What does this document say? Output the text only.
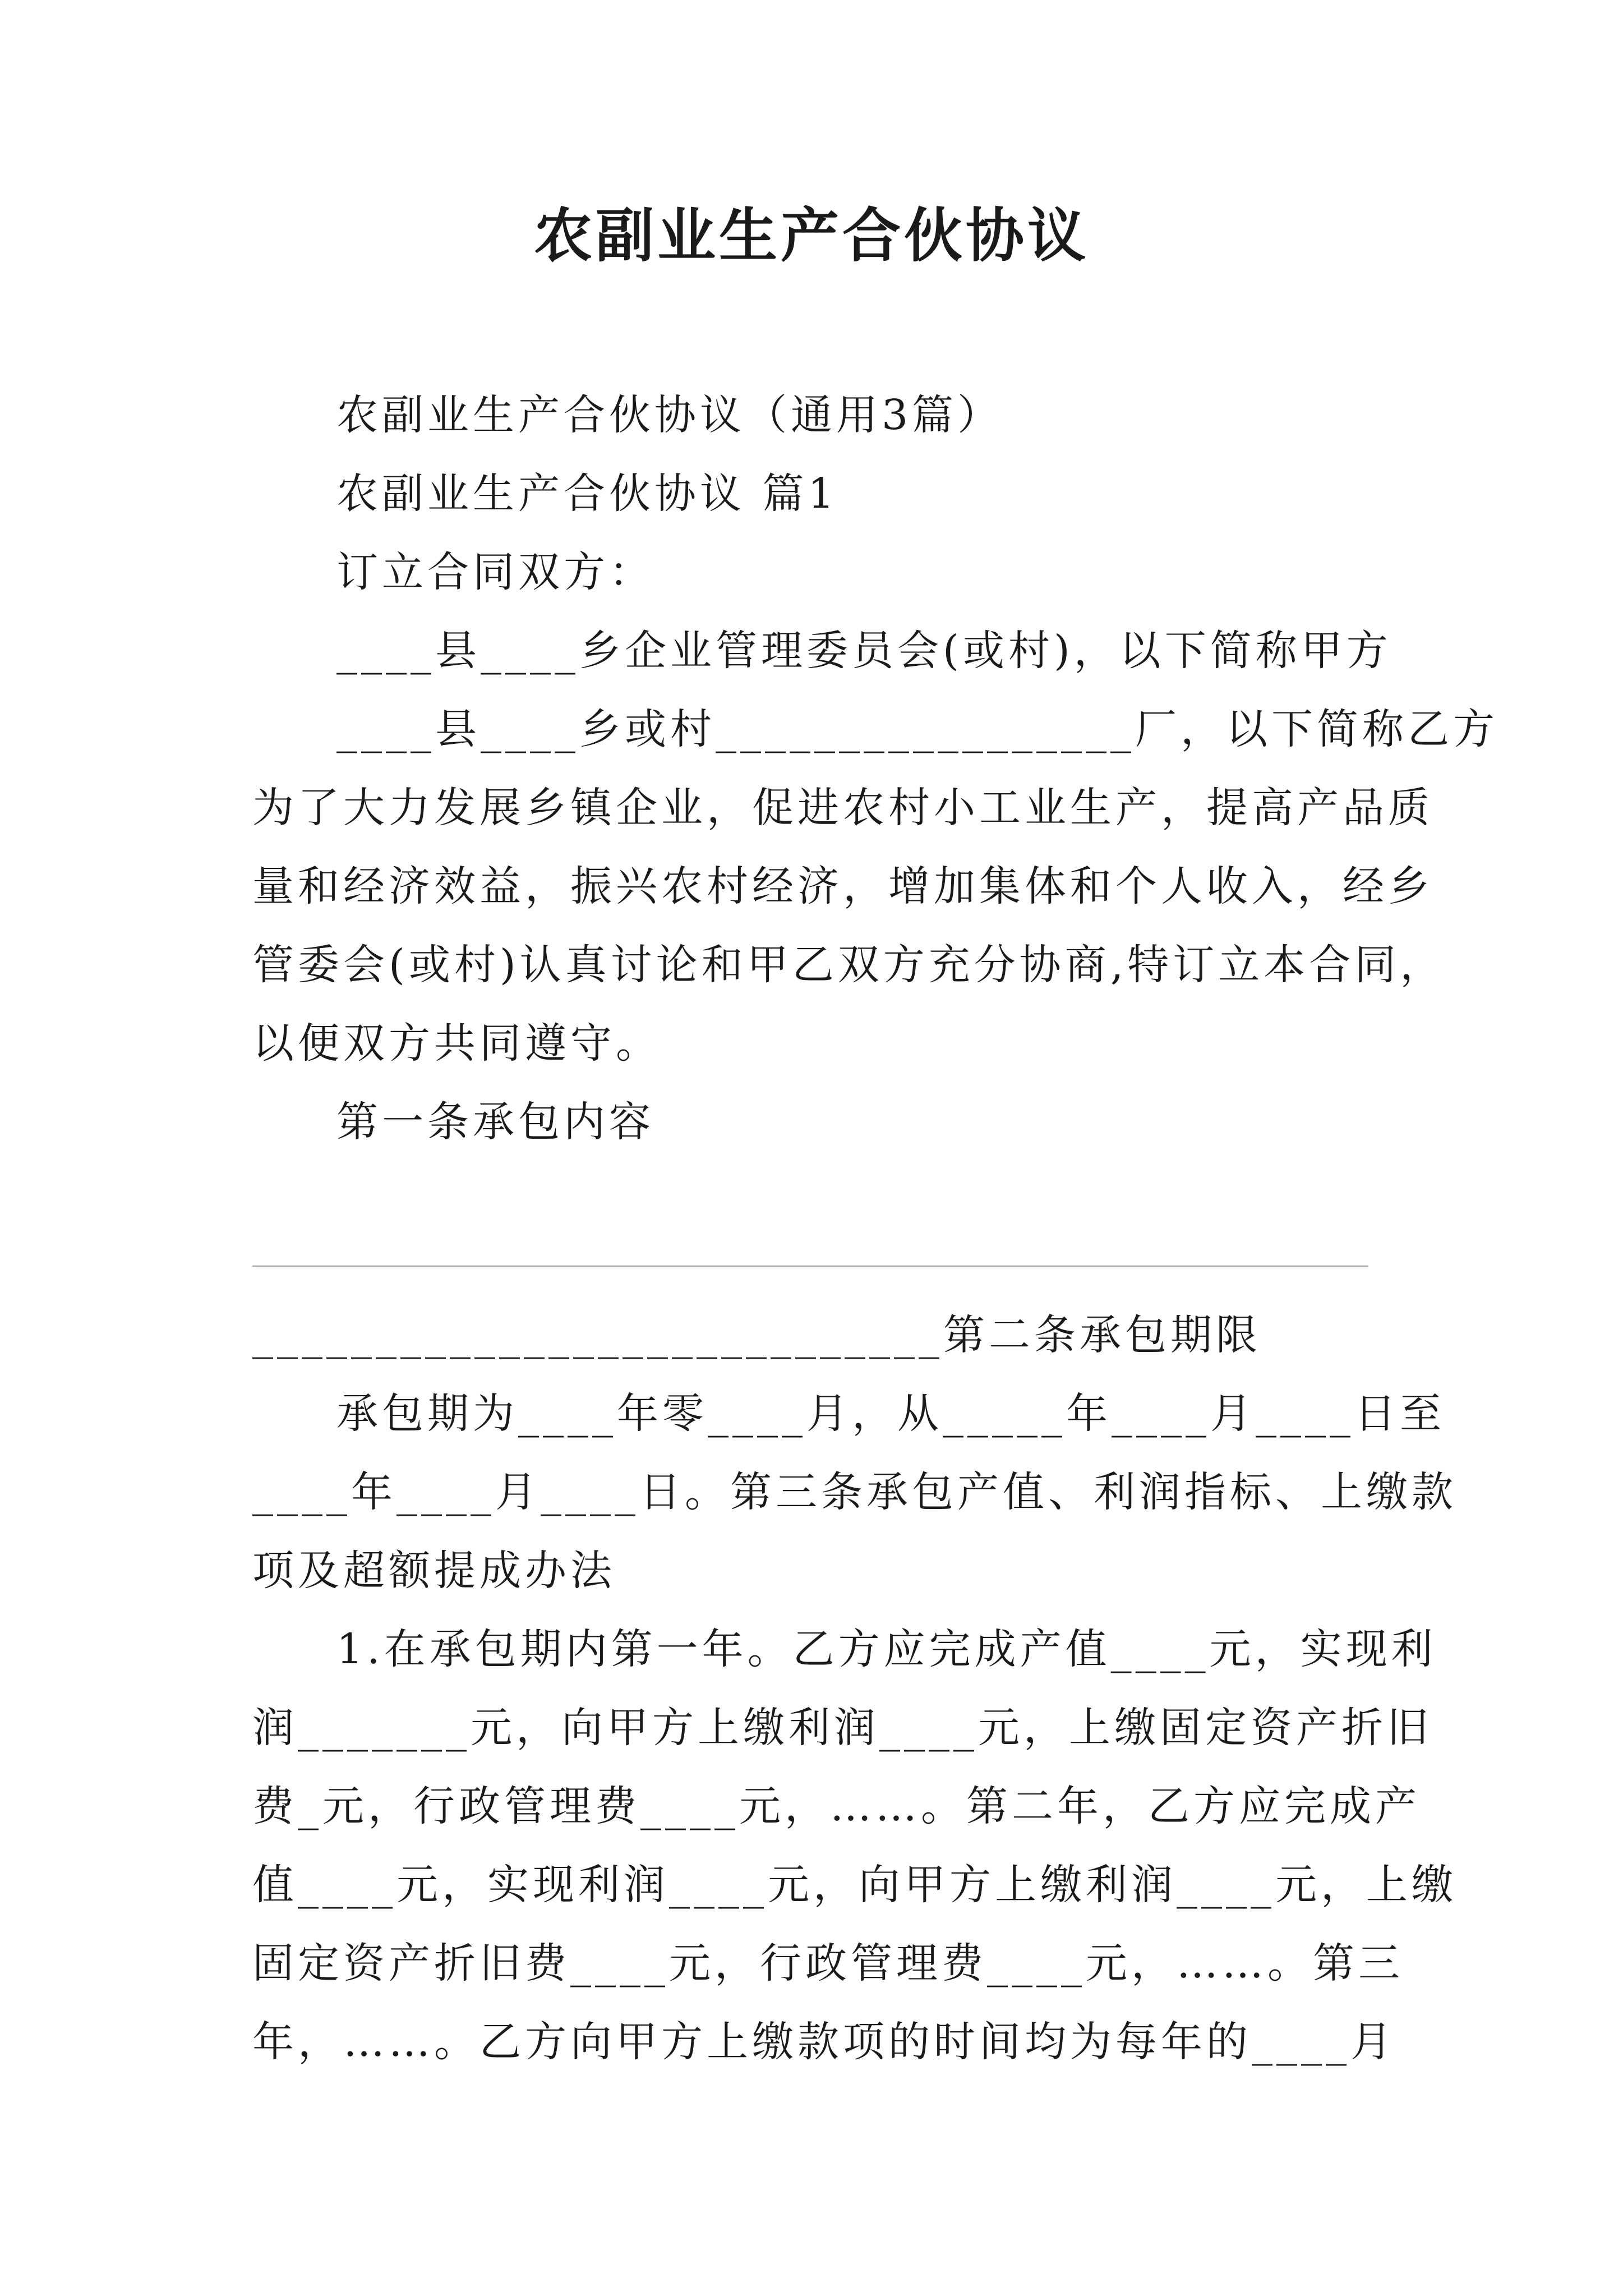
农副业生产合伙协议
农副业生产合伙协议（通用3篇）
农副业生产合伙协议 篇1
订立合同双方：
____县____乡企业管理委员会(或村)，以下简称甲方
____县____乡或村_________________厂，以下简称乙方
为了大力发展乡镇企业，促进农村小工业生产，提高产品质
量和经济效益，振兴农村经济，增加集体和个人收入，经乡
管委会(或村)认真讨论和甲乙双方充分协商,特订立本合同，
以便双方共同遵守。
第一条承包内容
____________________________第二条承包期限
承包期为____年零____月，从_____年____月____日至
____年____月____日。第三条承包产值、利润指标、上缴款
项及超额提成办法
1.在承包期内第一年。乙方应完成产值____元，实现利
润_______元，向甲方上缴利润____元，上缴固定资产折旧
费_元，行政管理费____元，……。第二年，乙方应完成产
值____元，实现利润____元，向甲方上缴利润____元，上缴
固定资产折旧费____元，行政管理费____元，……。第三
年，……。乙方向甲方上缴款项的时间均为每年的____月
